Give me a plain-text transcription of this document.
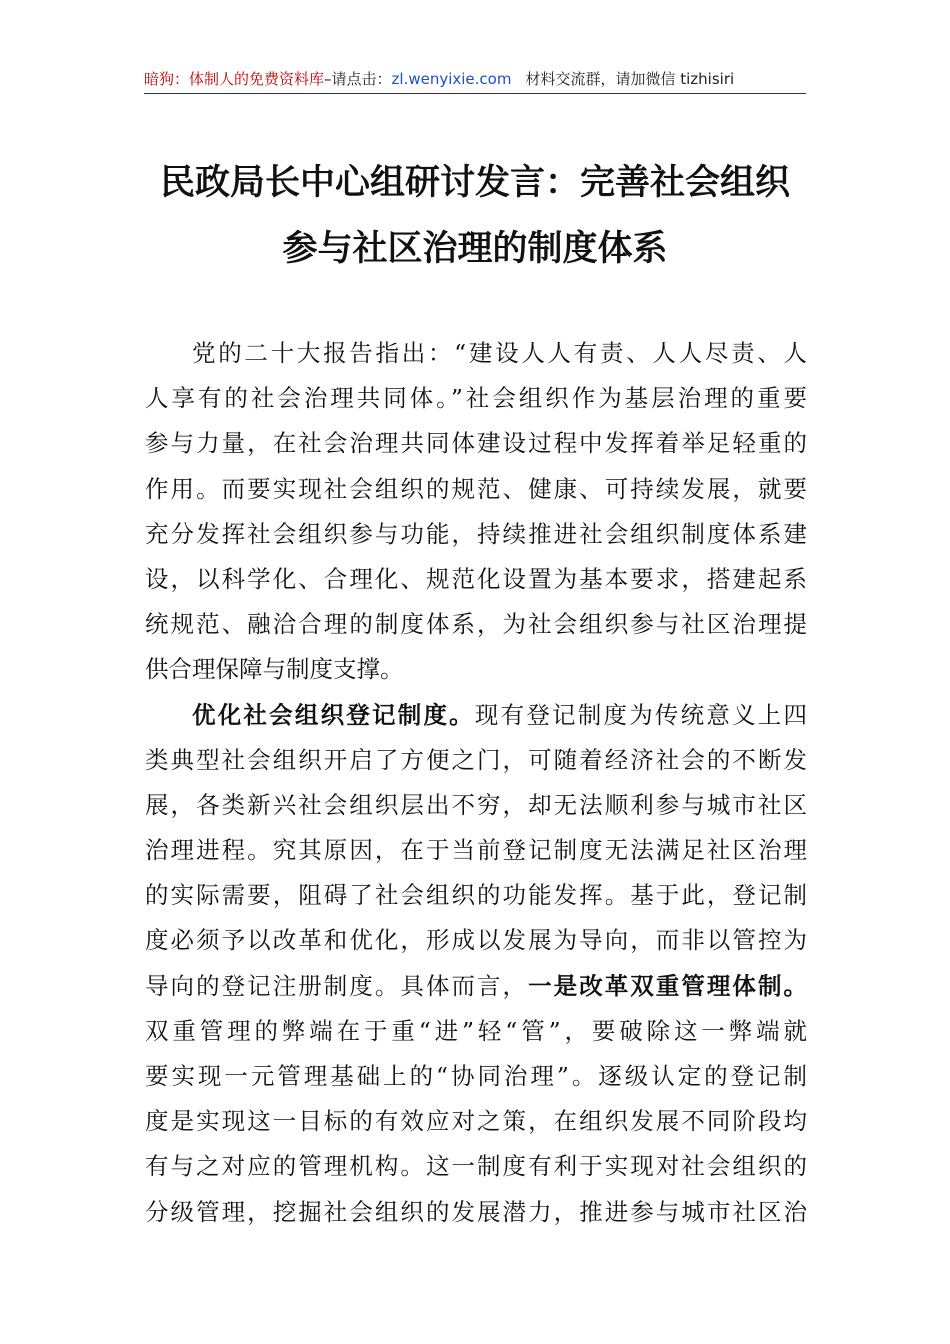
暗狗：体制人的免费资料库–请点击：zl.wenyixie.com 材料交流群，请加微信 tizhisiri
民政局长中心组研讨发言：完善社会组织
参与社区治理的制度体系
党的二十大报告指出：“建设人人有责、人人尽责、人
人享有的社会治理共同体。”社会组织作为基层治理的重要
参与力量，在社会治理共同体建设过程中发挥着举足轻重的
作用。而要实现社会组织的规范、健康、可持续发展，就要
充分发挥社会组织参与功能，持续推进社会组织制度体系建
设，以科学化、合理化、规范化设置为基本要求，搭建起系
统规范、融洽合理的制度体系，为社会组织参与社区治理提
供合理保障与制度支撑。
优化社会组织登记制度。现有登记制度为传统意义上四
类典型社会组织开启了方便之门，可随着经济社会的不断发
展，各类新兴社会组织层出不穷，却无法顺利参与城市社区
治理进程。究其原因，在于当前登记制度无法满足社区治理
的实际需要，阻碍了社会组织的功能发挥。基于此，登记制
度必须予以改革和优化，形成以发展为导向，而非以管控为
导向的登记注册制度。具体而言，一是改革双重管理体制。
双重管理的弊端在于重“进”轻“管”，要破除这一弊端就
要实现一元管理基础上的“协同治理”。逐级认定的登记制
度是实现这一目标的有效应对之策，在组织发展不同阶段均
有与之对应的管理机构。这一制度有利于实现对社会组织的
分级管理，挖掘社会组织的发展潜力，推进参与城市社区治
